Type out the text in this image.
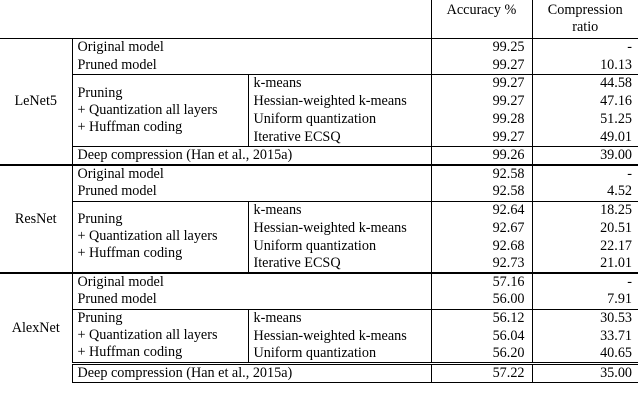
			Accuracy %	Compression ratio
LeNet5	Original model		99.25	-
	Pruned model		99.27	10.13

	Pruning
+ Quantization all layers
+ Huffman coding	k-means	99.27	44.58
		Hessian-weighted k-means	99.27	47.16
		Uniform quantization	99.28	51.25
		Iterative ECSQ	99.27	49.01
	Deep compression (Han et al., 2015a)		99.26	39.00
ResNet	Original model		92.58	-
	Pruned model		92.58	4.52

	Pruning
+ Quantization all layers
+ Huffman coding	k-means	92.64	18.25
		Hessian-weighted k-means	92.67	20.51
		Uniform quantization	92.68	22.17
		Iterative ECSQ	92.73	21.01
AlexNet	Original model		57.16	-
	Pruned model		56.00	7.91

	Pruning
+ Quantization all layers
+ Huffman coding	k-means	56.12	30.53
		Hessian-weighted k-means	56.04	33.71
		Uniform quantization	56.20	40.65
	Deep compression (Han et al., 2015a)		57.22	35.00
